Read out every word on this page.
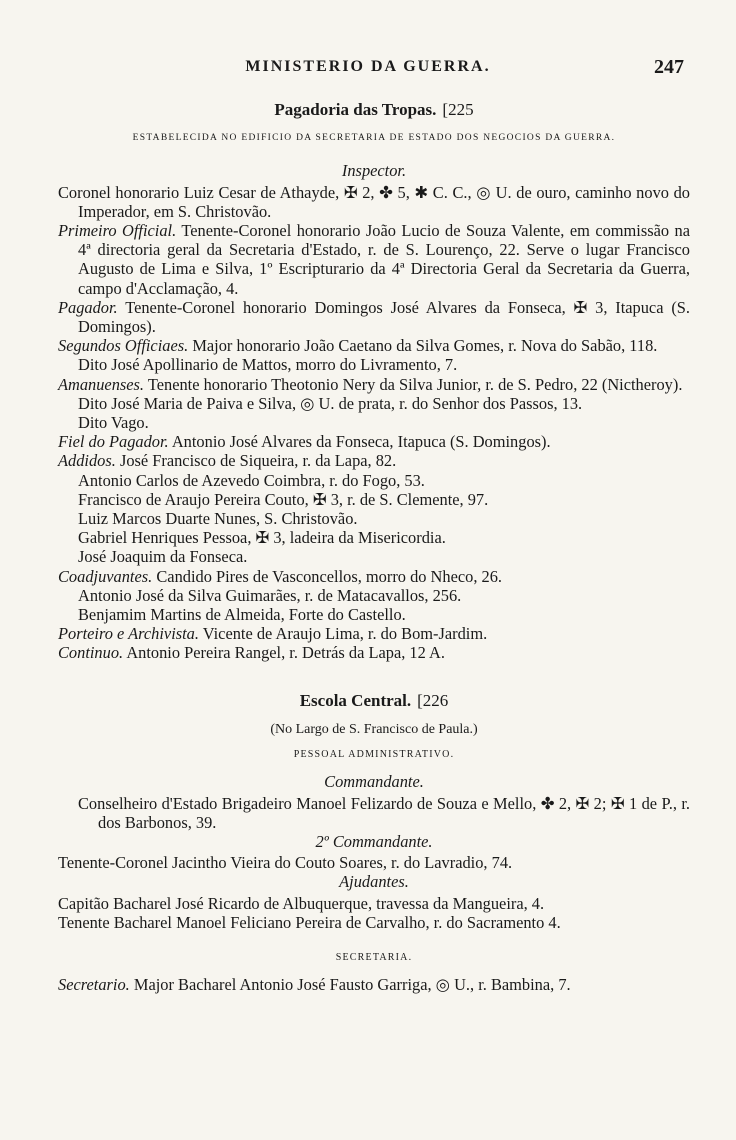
MINISTERIO DA GUERRA.	247
Pagadoria das Tropas. [225
ESTABELECIDA NO EDIFICIO DA SECRETARIA DE ESTADO DOS NEGOCIOS DA GUERRA.
Inspector.

Coronel honorario Luiz Cesar de Athayde, ✠ 2, ✤ 5, ✱ C. C., ◎ U. de ouro, caminho novo do Imperador, em S. Christovão.

Primeiro Official. Tenente-Coronel honorario João Lucio de Souza Valente, em commissão na 4ª directoria geral da Secretaria d'Estado, r. de S. Lourenço, 22. Serve o lugar Francisco Augusto de Lima e Silva, 1º Escripturario da 4ª Directoria Geral da Secretaria da Guerra, campo d'Acclamação, 4.

Pagador. Tenente-Coronel honorario Domingos José Alvares da Fonseca, ✠ 3, Itapuca (S. Domingos).

Segundos Officiaes. Major honorario João Caetano da Silva Gomes, r. Nova do Sabão, 118.

Dito José Apollinario de Mattos, morro do Livramento, 7.

Amanuenses. Tenente honorario Theotonio Nery da Silva Junior, r. de S. Pedro, 22 (Nictheroy).

Dito José Maria de Paiva e Silva, ◎ U. de prata, r. do Senhor dos Passos, 13.

Dito Vago.

Fiel do Pagador. Antonio José Alvares da Fonseca, Itapuca (S. Domingos).

Addidos. José Francisco de Siqueira, r. da Lapa, 82.

Antonio Carlos de Azevedo Coimbra, r. do Fogo, 53.

Francisco de Araujo Pereira Couto, ✠ 3, r. de S. Clemente, 97.

Luiz Marcos Duarte Nunes, S. Christovão.

Gabriel Henriques Pessoa, ✠ 3, ladeira da Misericordia.

José Joaquim da Fonseca.

Coadjuvantes. Candido Pires de Vasconcellos, morro do Nheco, 26.

Antonio José da Silva Guimarães, r. de Matacavallos, 256.

Benjamim Martins de Almeida, Forte do Castello.

Porteiro e Archivista. Vicente de Araujo Lima, r. do Bom-Jardim.

Continuo. Antonio Pereira Rangel, r. Detrás da Lapa, 12 A.

Escola Central. [226
(No Largo de S. Francisco de Paula.)
PESSOAL ADMINISTRATIVO.
Commandante.

Conselheiro d'Estado Brigadeiro Manoel Felizardo de Souza e Mello, ✤ 2, ✠ 2; ✠ 1 de P., r. dos Barbonos, 39.

2º Commandante.

Tenente-Coronel Jacintho Vieira do Couto Soares, r. do Lavradio, 74.

Ajudantes.

Capitão Bacharel José Ricardo de Albuquerque, travessa da Mangueira, 4.

Tenente Bacharel Manoel Feliciano Pereira de Carvalho, r. do Sacramento 4.

SECRETARIA.

Secretario. Major Bacharel Antonio José Fausto Garriga, ◎ U., r. Bambina, 7.
